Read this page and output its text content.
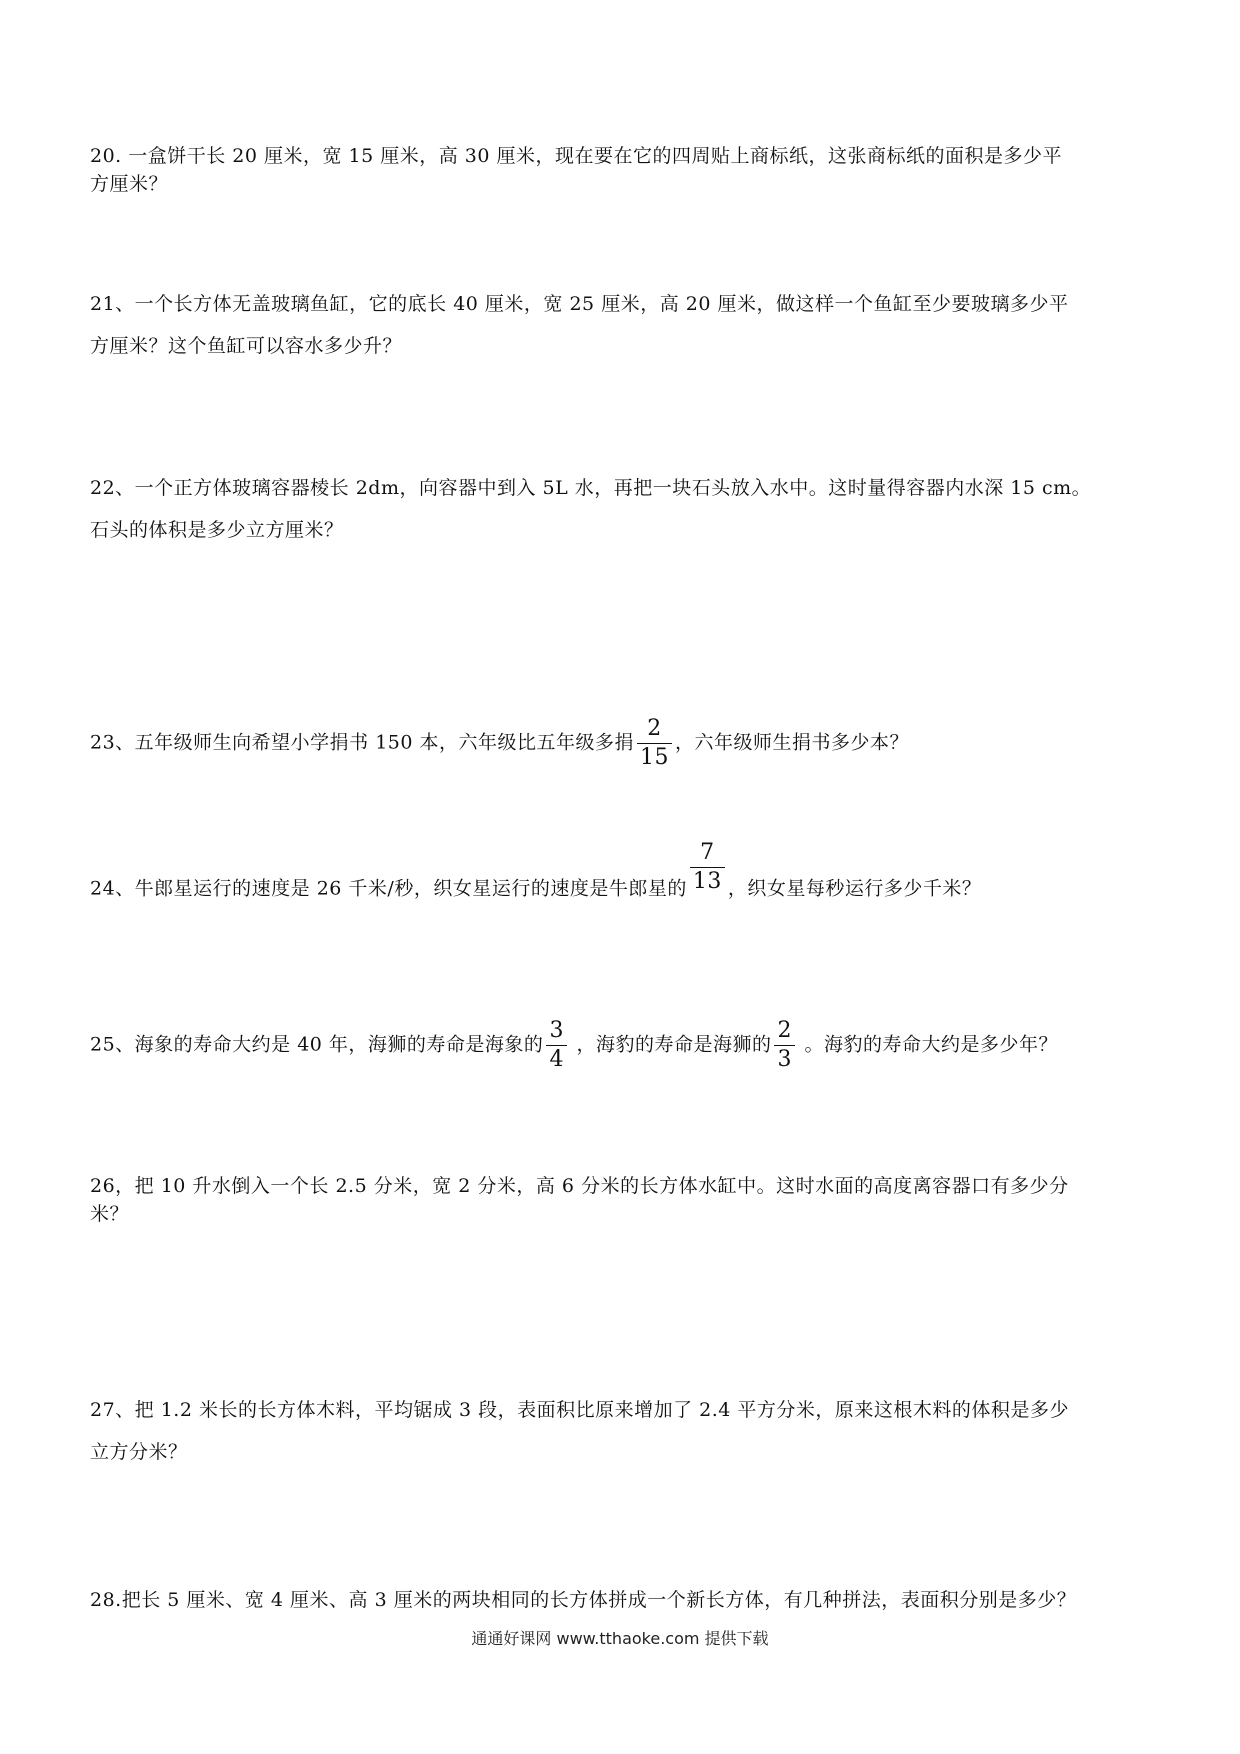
20. 一盒饼干长 20 厘米，宽 15 厘米，高 30 厘米，现在要在它的四周贴上商标纸，这张商标纸的面积是多少平
方厘米？
21、一个长方体无盖玻璃鱼缸，它的底长 40 厘米，宽 25 厘米，高 20 厘米，做这样一个鱼缸至少要玻璃多少平
方厘米？这个鱼缸可以容水多少升？
22、一个正方体玻璃容器棱长 2dm，向容器中到入 5L 水，再把一块石头放入水中。这时量得容器内水深 15 cm。
石头的体积是多少立方厘米？
23、五年级师生向希望小学捐书 150 本，六年级比五年级多捐 $\frac{2}{15}$ ，六年级师生捐书多少本？
24、牛郎星运行的速度是 26 千米/秒，织女星运行的速度是牛郎星的 $\frac{7}{13}$ ，织女星每秒运行多少千米？
25、海象的寿命大约是 40 年，海狮的寿命是海象的 $\frac{3}{4}$ ，海豹的寿命是海狮的 $\frac{2}{3}$ 。海豹的寿命大约是多少年？
26，把 10 升水倒入一个长 2.5 分米，宽 2 分米，高 6 分米的长方体水缸中。这时水面的高度离容器口有多少分
米？
27、把 1.2 米长的长方体木料，平均锯成 3 段，表面积比原来增加了 2.4 平方分米，原来这根木料的体积是多少
立方分米？
28.把长 5 厘米、宽 4 厘米、高 3 厘米的两块相同的长方体拼成一个新长方体，有几种拼法，表面积分别是多少？
通通好课网 www.tthaoke.com 提供下载
